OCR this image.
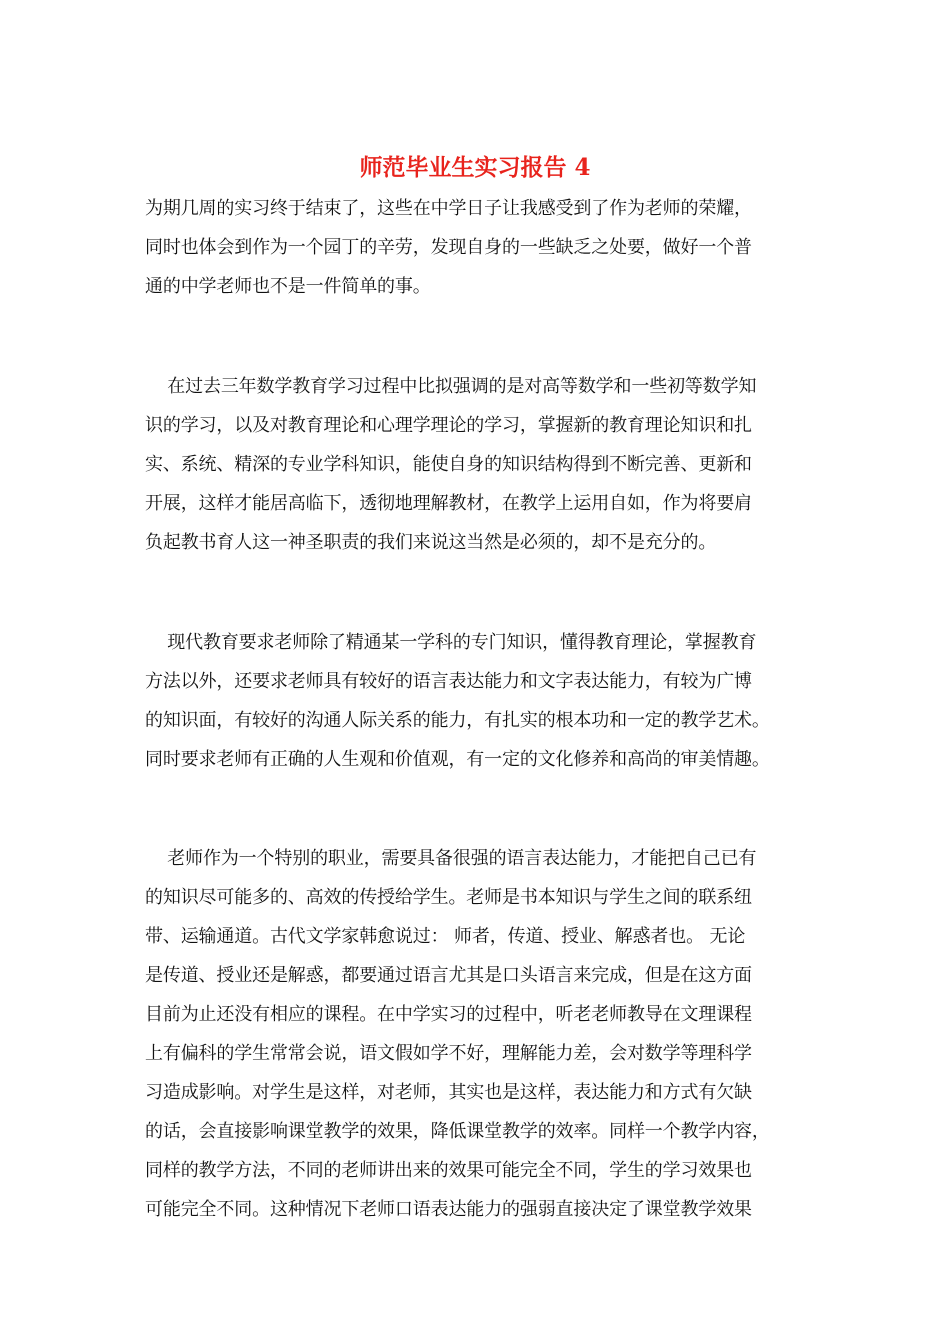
师范毕业生实习报告 4
为期几周的实习终于结束了，这些在中学日子让我感受到了作为老师的荣耀，
同时也体会到作为一个园丁的辛劳，发现自身的一些缺乏之处要，做好一个普
通的中学老师也不是一件简单的事。
在过去三年数学教育学习过程中比拟强调的是对高等数学和一些初等数学知
识的学习，以及对教育理论和心理学理论的学习，掌握新的教育理论知识和扎
实、系统、精深的专业学科知识，能使自身的知识结构得到不断完善、更新和
开展，这样才能居高临下，透彻地理解教材，在教学上运用自如，作为将要肩
负起教书育人这一神圣职责的我们来说这当然是必须的，却不是充分的。
现代教育要求老师除了精通某一学科的专门知识，懂得教育理论，掌握教育
方法以外，还要求老师具有较好的语言表达能力和文字表达能力，有较为广博
的知识面，有较好的沟通人际关系的能力，有扎实的根本功和一定的教学艺术。
同时要求老师有正确的人生观和价值观，有一定的文化修养和高尚的审美情趣。
老师作为一个特别的职业，需要具备很强的语言表达能力，才能把自己已有
的知识尽可能多的、高效的传授给学生。老师是书本知识与学生之间的联系纽
带、运输通道。古代文学家韩愈说过： 师者，传道、授业、解惑者也。 无论
是传道、授业还是解惑，都要通过语言尤其是口头语言来完成，但是在这方面
目前为止还没有相应的课程。在中学实习的过程中，听老老师教导在文理课程
上有偏科的学生常常会说，语文假如学不好，理解能力差，会对数学等理科学
习造成影响。对学生是这样，对老师，其实也是这样，表达能力和方式有欠缺
的话，会直接影响课堂教学的效果，降低课堂教学的效率。同样一个教学内容，
同样的教学方法，不同的老师讲出来的效果可能完全不同，学生的学习效果也
可能完全不同。这种情况下老师口语表达能力的强弱直接决定了课堂教学效果
